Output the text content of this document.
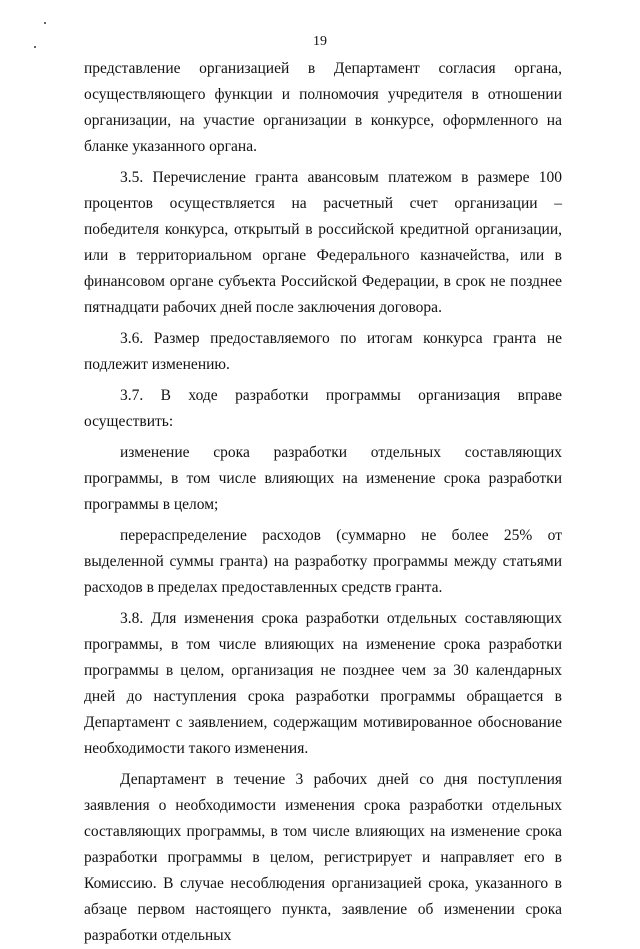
19

представление организацией в Департамент согласия органа, осуществляющего функции и полномочия учредителя в отношении организации, на участие организации в конкурсе, оформленного на бланке указанного органа.

3.5. Перечисление гранта авансовым платежом в размере 100 процентов осуществляется на расчетный счет организации – победителя конкурса, открытый в российской кредитной организации, или в территориальном органе Федерального казначейства, или в финансовом органе субъекта Российской Федерации, в срок не позднее пятнадцати рабочих дней после заключения договора.

3.6. Размер предоставляемого по итогам конкурса гранта не подлежит изменению.

3.7. В ходе разработки программы организация вправе осуществить:

изменение срока разработки отдельных составляющих программы, в том числе влияющих на изменение срока разработки программы в целом;

перераспределение расходов (суммарно не более 25% от выделенной суммы гранта) на разработку программы между статьями расходов в пределах предоставленных средств гранта.

3.8. Для изменения срока разработки отдельных составляющих программы, в том числе влияющих на изменение срока разработки программы в целом, организация не позднее чем за 30 календарных дней до наступления срока разработки программы обращается в Департамент с заявлением, содержащим мотивированное обоснование необходимости такого изменения.

Департамент в течение 3 рабочих дней со дня поступления заявления о необходимости изменения срока разработки отдельных составляющих программы, в том числе влияющих на изменение срока разработки программы в целом, регистрирует и направляет его в Комиссию. В случае несоблюдения организацией срока, указанного в абзаце первом настоящего пункта, заявление об изменении срока разработки отдельных
